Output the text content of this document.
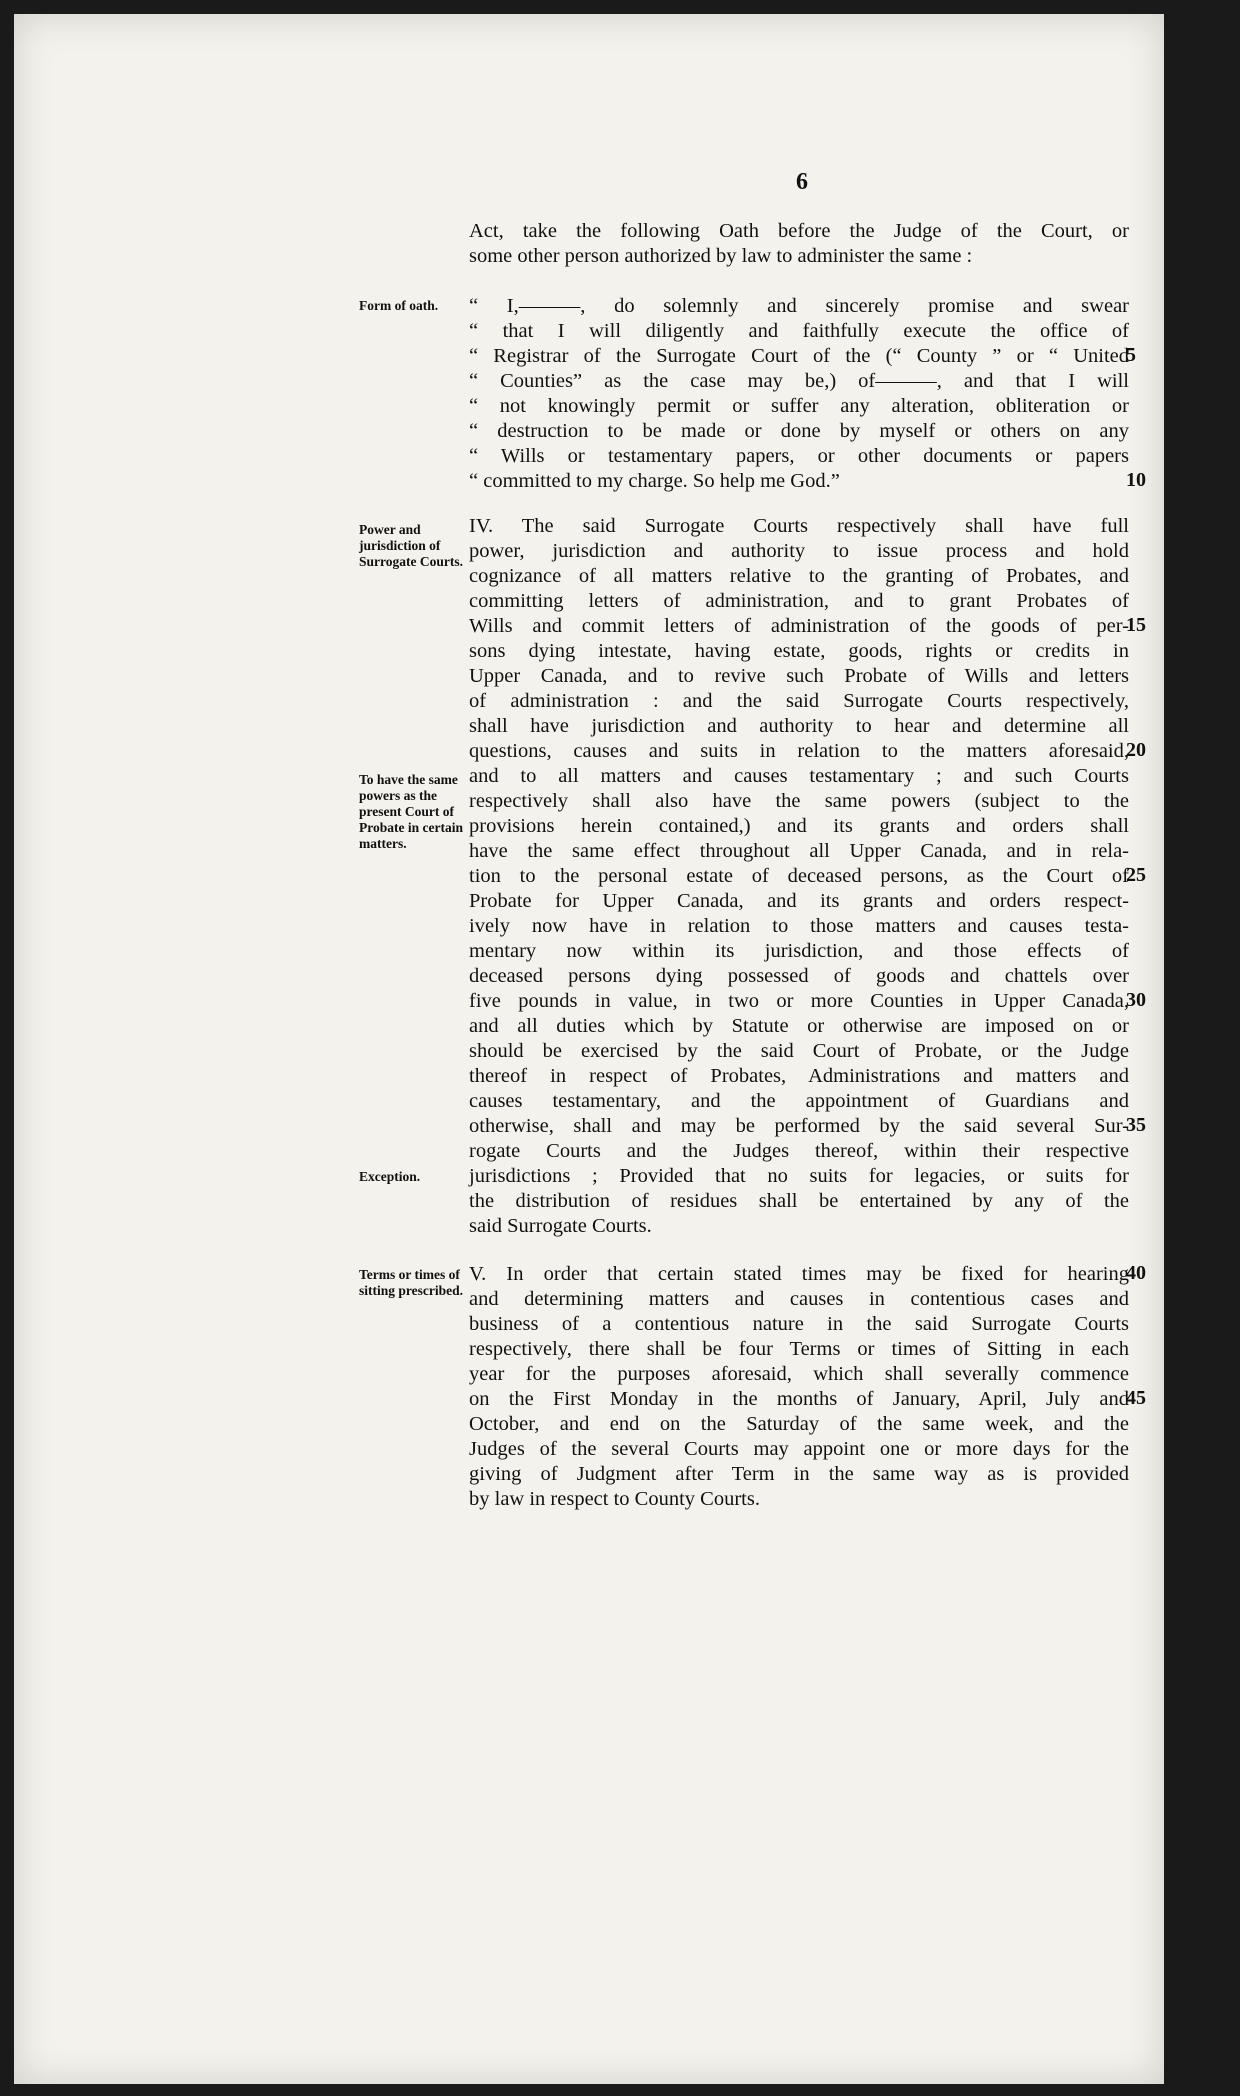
6
Act, take the following Oath before the Judge of the Court, or
some other person authorized by law to administer the same :
Form of oath.	“ I,———, do solemnly and sincerely promise and swear
“ that I will diligently and faithfully execute the office of
“ Registrar of the Surrogate Court of the (“ County ” or “ United
“ Counties” as the case may be,) of———, and that I will
“ not knowingly permit or suffer any alteration, obliteration or
“ destruction to be made or done by myself or others on any
“ Wills or testamentary papers, or other documents or papers
“ committed to my charge. So help me God.”
Power and jurisdiction of Surrogate Courts.
To have the same powers as the present Court of Probate in certain matters.
Exception.
IV. The said Surrogate Courts respectively shall have full
power, jurisdiction and authority to issue process and hold
cognizance of all matters relative to the granting of Probates, and
committing letters of administration, and to grant Probates of
Wills and commit letters of administration of the goods of per-
sons dying intestate, having estate, goods, rights or credits in
Upper Canada, and to revive such Probate of Wills and letters
of administration : and the said Surrogate Courts respectively,
shall have jurisdiction and authority to hear and determine all
questions, causes and suits in relation to the matters aforesaid,
and to all matters and causes testamentary ; and such Courts
respectively shall also have the same powers (subject to the
provisions herein contained,) and its grants and orders shall
have the same effect throughout all Upper Canada, and in rela-
tion to the personal estate of deceased persons, as the Court of
Probate for Upper Canada, and its grants and orders respect-
ively now have in relation to those matters and causes testa-
mentary now within its jurisdiction, and those effects of
deceased persons dying possessed of goods and chattels over
five pounds in value, in two or more Counties in Upper Canada,
and all duties which by Statute or otherwise are imposed on or
should be exercised by the said Court of Probate, or the Judge
thereof in respect of Probates, Administrations and matters and
causes testamentary, and the appointment of Guardians and
otherwise, shall and may be performed by the said several Sur-
rogate Courts and the Judges thereof, within their respective
jurisdictions ; Provided that no suits for legacies, or suits for
the distribution of residues shall be entertained by any of the
said Surrogate Courts.
Terms or times of sitting prescribed.
V. In order that certain stated times may be fixed for hearing
and determining matters and causes in contentious cases and
business of a contentious nature in the said Surrogate Courts
respectively, there shall be four Terms or times of Sitting in each
year for the purposes aforesaid, which shall severally commence
on the First Monday in the months of January, April, July and
October, and end on the Saturday of the same week, and the
Judges of the several Courts may appoint one or more days for the
giving of Judgment after Term in the same way as is provided
by law in respect to County Courts.
5
10
15
20
25
30
35
40
45
